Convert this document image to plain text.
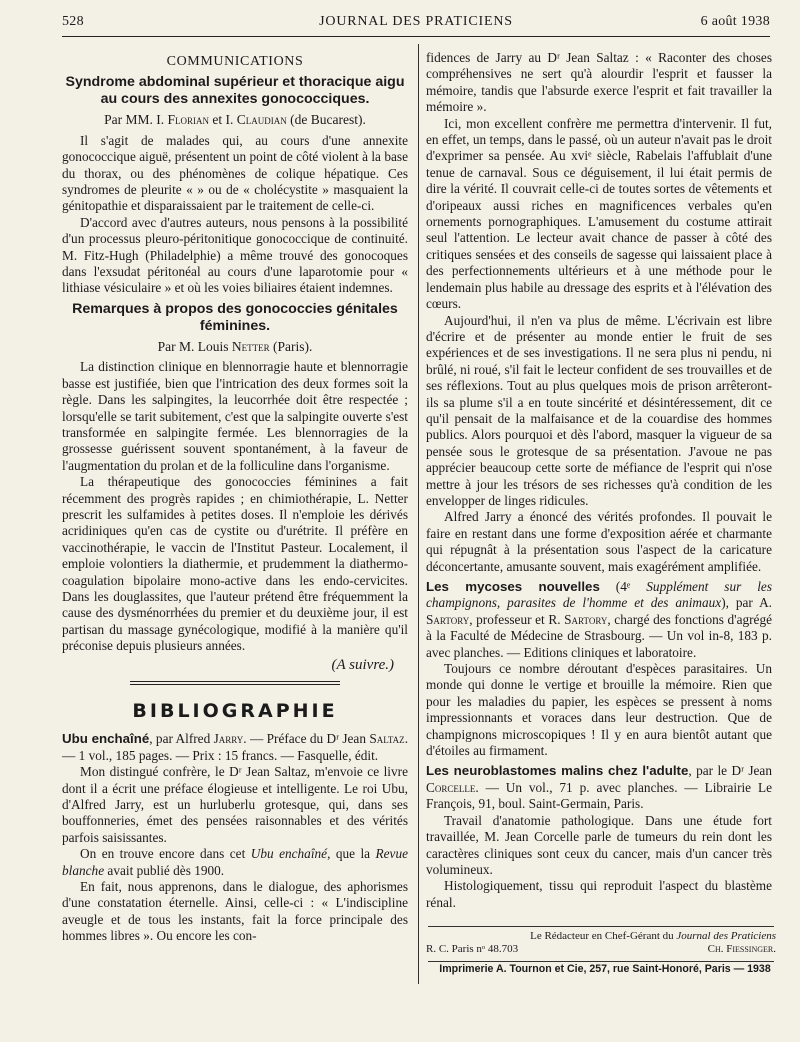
528	JOURNAL DES PRATICIENS	6 août 1938
COMMUNICATIONS
Syndrome abdominal supérieur et thoracique aigu au cours des annexites gonococciques.
Par MM. I. Florian et I. Claudian (de Bucarest).

Il s'agit de malades qui, au cours d'une annexite gonococcique aiguë, présentent un point de côté violent à la base du thorax, ou des phénomènes de colique hépatique. Ces syndromes de pleurite « » ou de « cholécystite » masquaient la génitopathie et disparaissaient par le traitement de celle-ci.

D'accord avec d'autres auteurs, nous pensons à la possibilité d'un processus pleuro-péritonitique gonococcique de continuité. M. Fitz-Hugh (Philadelphie) a même trouvé des gonocoques dans l'exsudat péritonéal au cours d'une laparotomie pour « lithiase vésiculaire » et où les voies biliaires étaient indemnes.

Remarques à propos des gonococcies génitales féminines.
Par M. Louis Netter (Paris).

La distinction clinique en blennorragie haute et blennorragie basse est justifiée, bien que l'intrication des deux formes soit la règle. Dans les salpingites, la leucorrhée doit être respectée ; lorsqu'elle se tarit subitement, c'est que la salpingite ouverte s'est transformée en salpingite fermée. Les blennorragies de la grossesse guérissent souvent spontanément, à la faveur de l'augmentation du prolan et de la folliculine dans l'organisme.

La thérapeutique des gonococcies féminines a fait récemment des progrès rapides ; en chimiothérapie, L. Netter prescrit les sulfamides à petites doses. Il n'emploie les dérivés acridiniques qu'en cas de cystite ou d'urétrite. Il préfère en vaccinothérapie, le vaccin de l'Institut Pasteur. Localement, il emploie volontiers la diathermie, et prudemment la diathermo-coagulation bipolaire mono-active dans les endo-cervicites. Dans les douglassites, que l'auteur prétend être fréquemment la cause des dysménorrhées du premier et du deuxième jour, il est partisan du massage gynécologique, modifié à la manière qu'il préconise depuis plusieurs années.

(A suivre.)
BIBLIOGRAPHIE

Ubu enchaîné, par Alfred Jarry. — Préface du Dʳ Jean Saltaz. — 1 vol., 185 pages. — Prix : 15 francs. — Fasquelle, édit.

Mon distingué confrère, le Dʳ Jean Saltaz, m'envoie ce livre dont il a écrit une préface élogieuse et intelligente. Le roi Ubu, d'Alfred Jarry, est un hurluberlu grotesque, qui, dans ses bouffonneries, émet des pensées raisonnables et des vérités parfois saisissantes.

On en trouve encore dans cet Ubu enchaîné, que la Revue blanche avait publié dès 1900.

En fait, nous apprenons, dans le dialogue, des aphorismes d'une constatation éternelle. Ainsi, celle-ci : « L'indiscipline aveugle et de tous les instants, fait la force principale des hommes libres ». Ou encore les con-

fidences de Jarry au Dʳ Jean Saltaz : « Raconter des choses compréhensives ne sert qu'à alourdir l'esprit et fausser la mémoire, tandis que l'absurde exerce l'esprit et fait travailler la mémoire ».

Ici, mon excellent confrère me permettra d'intervenir. Il fut, en effet, un temps, dans le passé, où un auteur n'avait pas le droit d'exprimer sa pensée. Au xviᵉ siècle, Rabelais l'affublait d'une tenue de carnaval. Sous ce déguisement, il lui était permis de dire la vérité. Il couvrait celle-ci de toutes sortes de vêtements et d'oripeaux aussi riches en magnificences verbales qu'en ornements pornographiques. L'amusement du costume attirait seul l'attention. Le lecteur avait chance de passer à côté des critiques sensées et des conseils de sagesse qui laissaient place à des perfectionnements ultérieurs et à une méthode pour le lendemain plus habile au dressage des esprits et à l'élévation des cœurs.

Aujourd'hui, il n'en va plus de même. L'écrivain est libre d'écrire et de présenter au monde entier le fruit de ses expériences et de ses investigations. Il ne sera plus ni pendu, ni brûlé, ni roué, s'il fait le lecteur confident de ses trouvailles et de ses réflexions. Tout au plus quelques mois de prison arrêteront-ils sa plume s'il a en toute sincérité et désintéressement, dit ce qu'il pensait de la malfaisance et de la couardise des hommes publics. Alors pourquoi et dès l'abord, masquer la vigueur de sa pensée sous le grotesque de sa présentation. J'avoue ne pas apprécier beaucoup cette sorte de méfiance de l'esprit qui n'ose mettre à jour les trésors de ses richesses qu'à condition de les envelopper de linges ridicules.

Alfred Jarry a énoncé des vérités profondes. Il pouvait le faire en restant dans une forme d'exposition aérée et charmante qui répugnât à la présentation sous l'aspect de la caricature déconcertante, amusante souvent, mais exagérément amplifiée.

Les mycoses nouvelles (4ᵉ Supplément sur les champignons, parasites de l'homme et des animaux), par A. Sartory, professeur et R. Sartory, chargé des fonctions d'agrégé à la Faculté de Médecine de Strasbourg. — Un vol in-8, 183 p. avec planches. — Editions cliniques et laboratoire.

Toujours ce nombre déroutant d'espèces parasitaires. Un monde qui donne le vertige et brouille la mémoire. Rien que pour les maladies du papier, les espèces se pressent à noms impressionnants et voraces dans leur destruction. Que de champignons microscopiques ! Il y en aura bientôt autant que d'étoiles au firmament.

Les neuroblastomes malins chez l'adulte, par le Dʳ Jean Corcelle. — Un vol., 71 p. avec planches. — Librairie Le François, 91, boul. Saint-Germain, Paris.

Travail d'anatomie pathologique. Dans une étude fort travaillée, M. Jean Corcelle parle de tumeurs du rein dont les caractères cliniques sont ceux du cancer, mais d'un cancer très volumineux.

Histologiquement, tissu qui reproduit l'aspect du blastème rénal.

Le Rédacteur en Chef-Gérant du Journal des Praticiens
R. C. Paris nᵒ 48.703	Ch. Fiessinger.
Imprimerie A. Tournon et Cie, 257, rue Saint-Honoré, Paris — 1938
